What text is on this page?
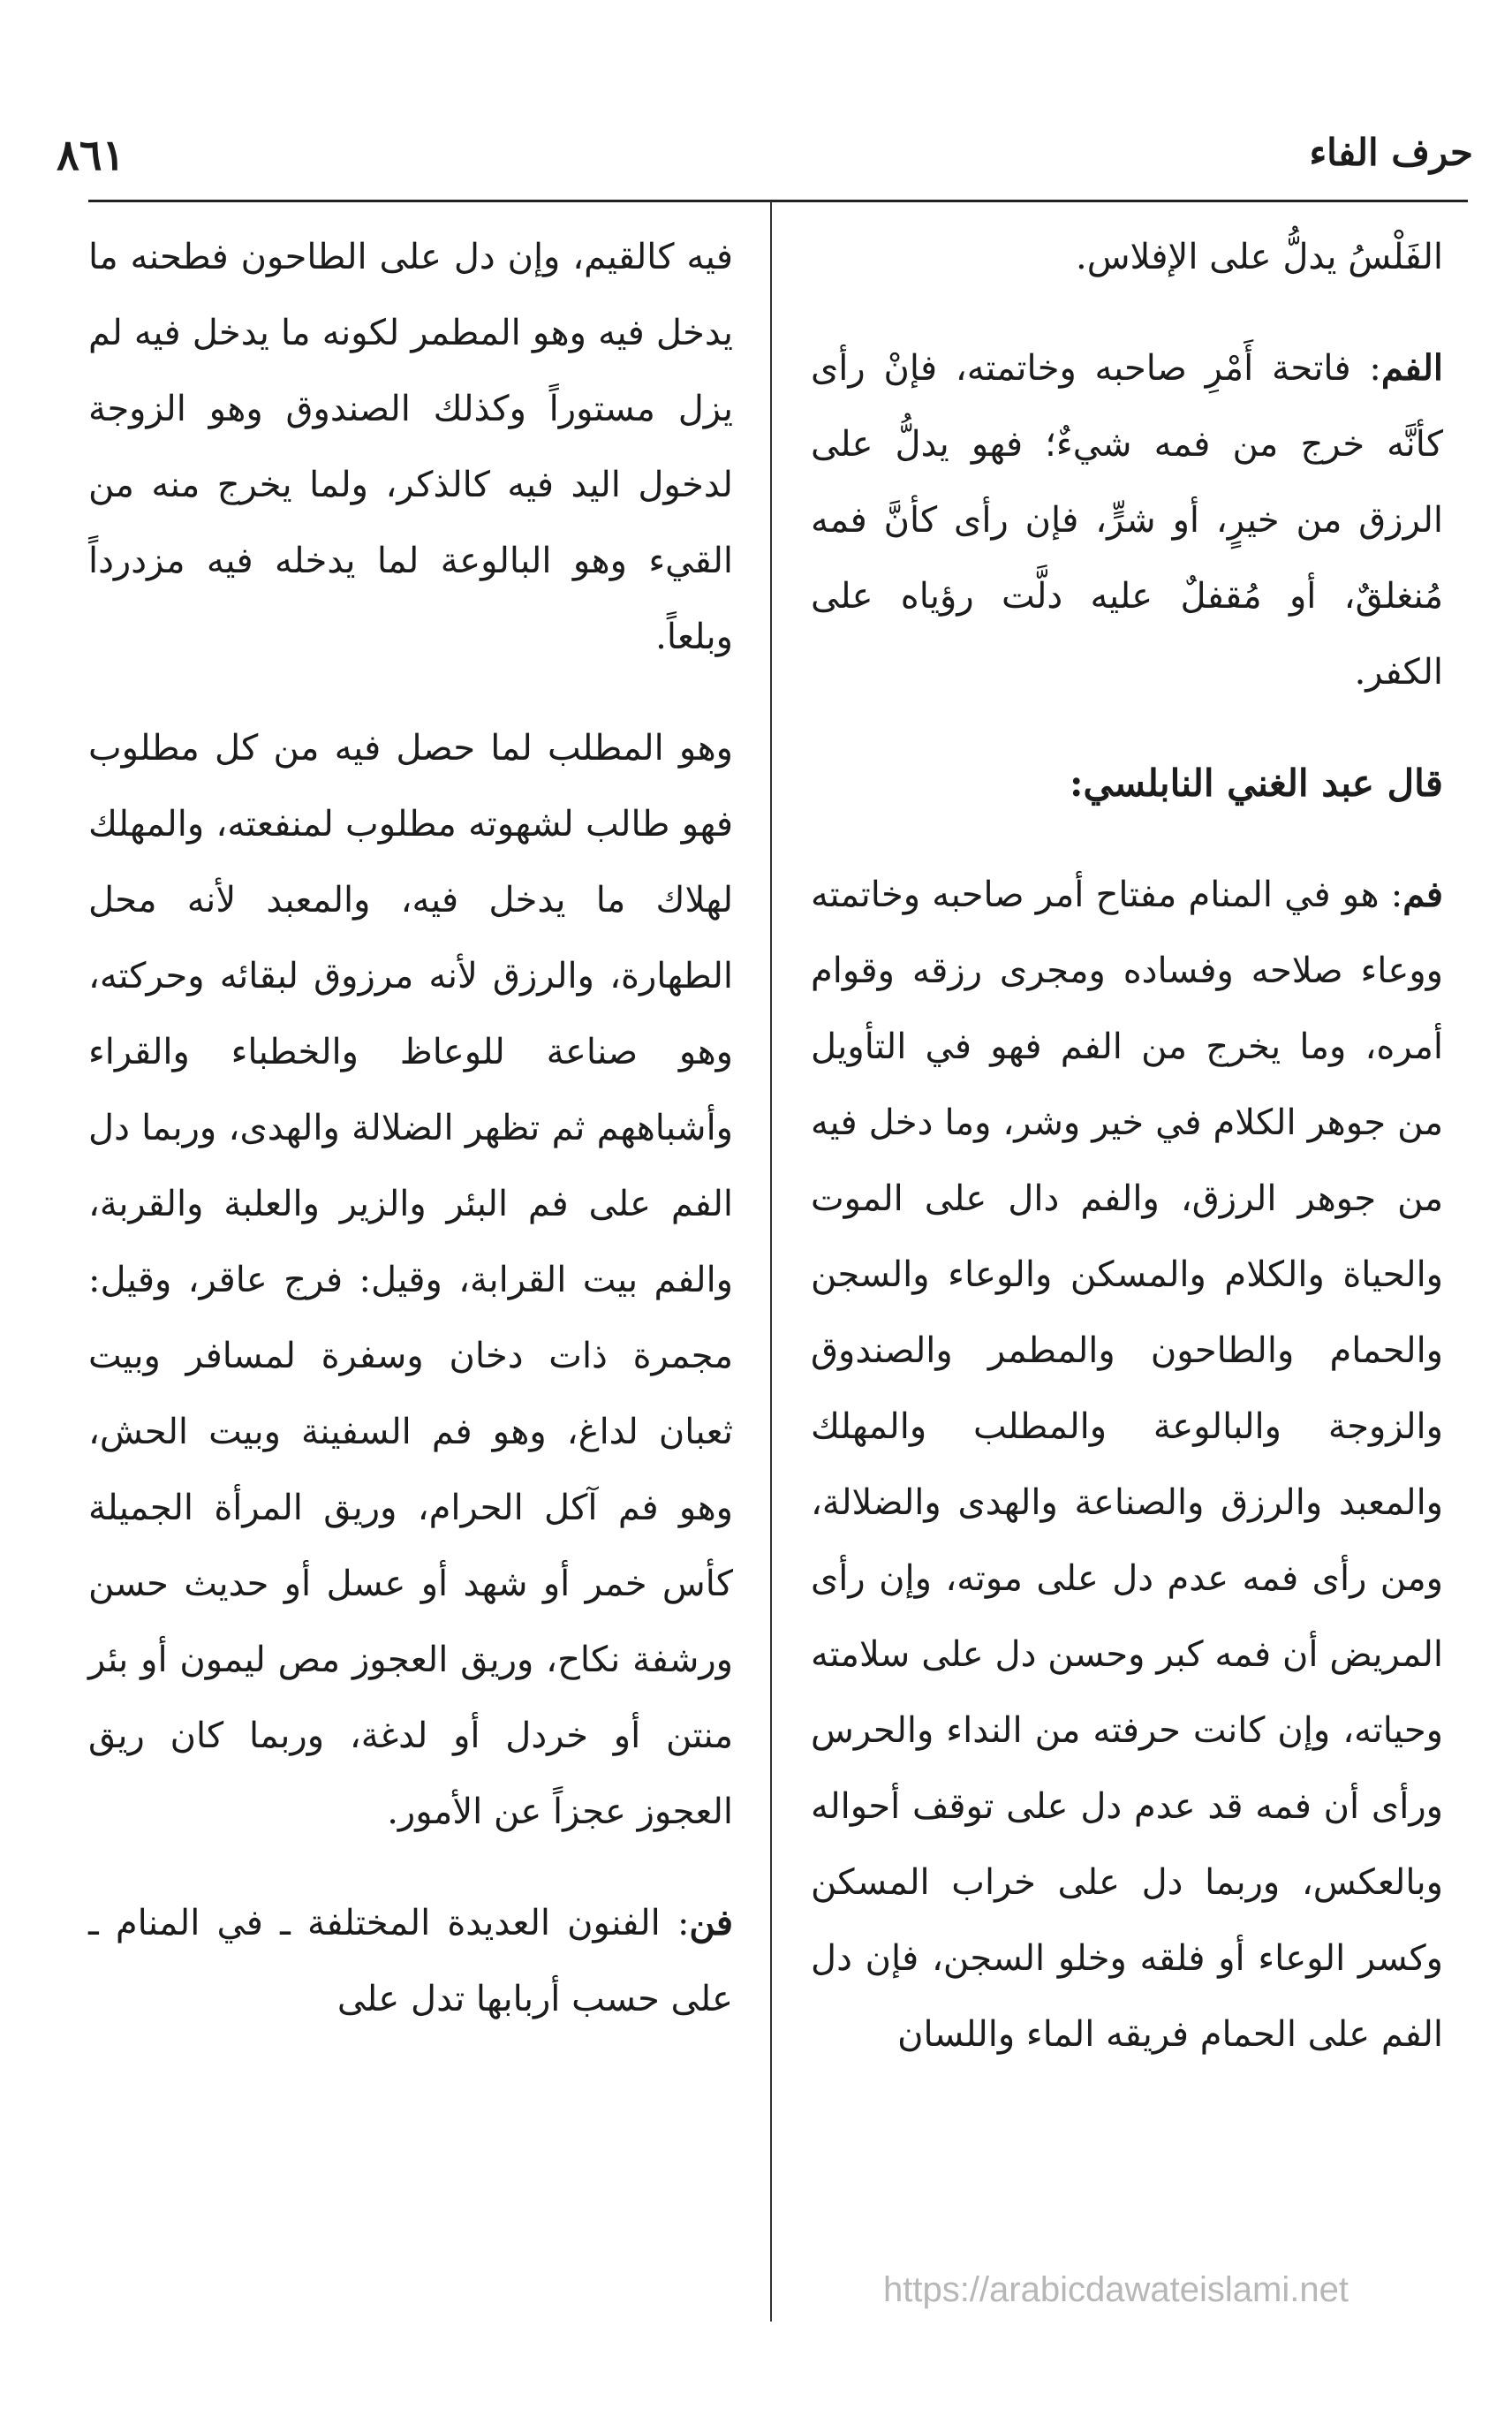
٨٦١	حرف الفاء

الفَلْسُ يدلُّ على الإفلاس.

الفم: فاتحة أَمْرِ صاحبه وخاتمته، فإنْ رأى كأنَّه خرج من فمه شيءٌ؛ فهو يدلُّ على الرزق من خيرٍ، أو شرٍّ، فإن رأى كأنَّ فمه مُنغلقٌ، أو مُقفلٌ عليه دلَّت رؤياه على الكفر.

قال عبد الغني النابلسي:

فم: هو في المنام مفتاح أمر صاحبه وخاتمته ووعاء صلاحه وفساده ومجرى رزقه وقوام أمره، وما يخرج من الفم فهو في التأويل من جوهر الكلام في خير وشر، وما دخل فيه من جوهر الرزق، والفم دال على الموت والحياة والكلام والمسكن والوعاء والسجن والحمام والطاحون والمطمر والصندوق والزوجة والبالوعة والمطلب والمهلك والمعبد والرزق والصناعة والهدى والضلالة، ومن رأى فمه عدم دل على موته، وإن رأى المريض أن فمه كبر وحسن دل على سلامته وحياته، وإن كانت حرفته من النداء والحرس ورأى أن فمه قد عدم دل على توقف أحواله وبالعكس، وربما دل على خراب المسكن وكسر الوعاء أو فلقه وخلو السجن، فإن دل الفم على الحمام فريقه الماء واللسان

فيه كالقيم، وإن دل على الطاحون فطحنه ما يدخل فيه وهو المطمر لكونه ما يدخل فيه لم يزل مستوراً وكذلك الصندوق وهو الزوجة لدخول اليد فيه كالذكر، ولما يخرج منه من القيء وهو البالوعة لما يدخله فيه مزدرداً وبلعاً.

وهو المطلب لما حصل فيه من كل مطلوب فهو طالب لشهوته مطلوب لمنفعته، والمهلك لهلاك ما يدخل فيه، والمعبد لأنه محل الطهارة، والرزق لأنه مرزوق لبقائه وحركته، وهو صناعة للوعاظ والخطباء والقراء وأشباههم ثم تظهر الضلالة والهدى، وربما دل الفم على فم البئر والزير والعلبة والقربة، والفم بيت القرابة، وقيل: فرج عاقر، وقيل: مجمرة ذات دخان وسفرة لمسافر وبيت ثعبان لداغ، وهو فم السفينة وبيت الحش، وهو فم آكل الحرام، وريق المرأة الجميلة كأس خمر أو شهد أو عسل أو حديث حسن ورشفة نكاح، وريق العجوز مص ليمون أو بئر منتن أو خردل أو لدغة، وربما كان ريق العجوز عجزاً عن الأمور.

فن: الفنون العديدة المختلفة ـ في المنام ـ على حسب أربابها تدل على

https://arabicdawateislami.net
